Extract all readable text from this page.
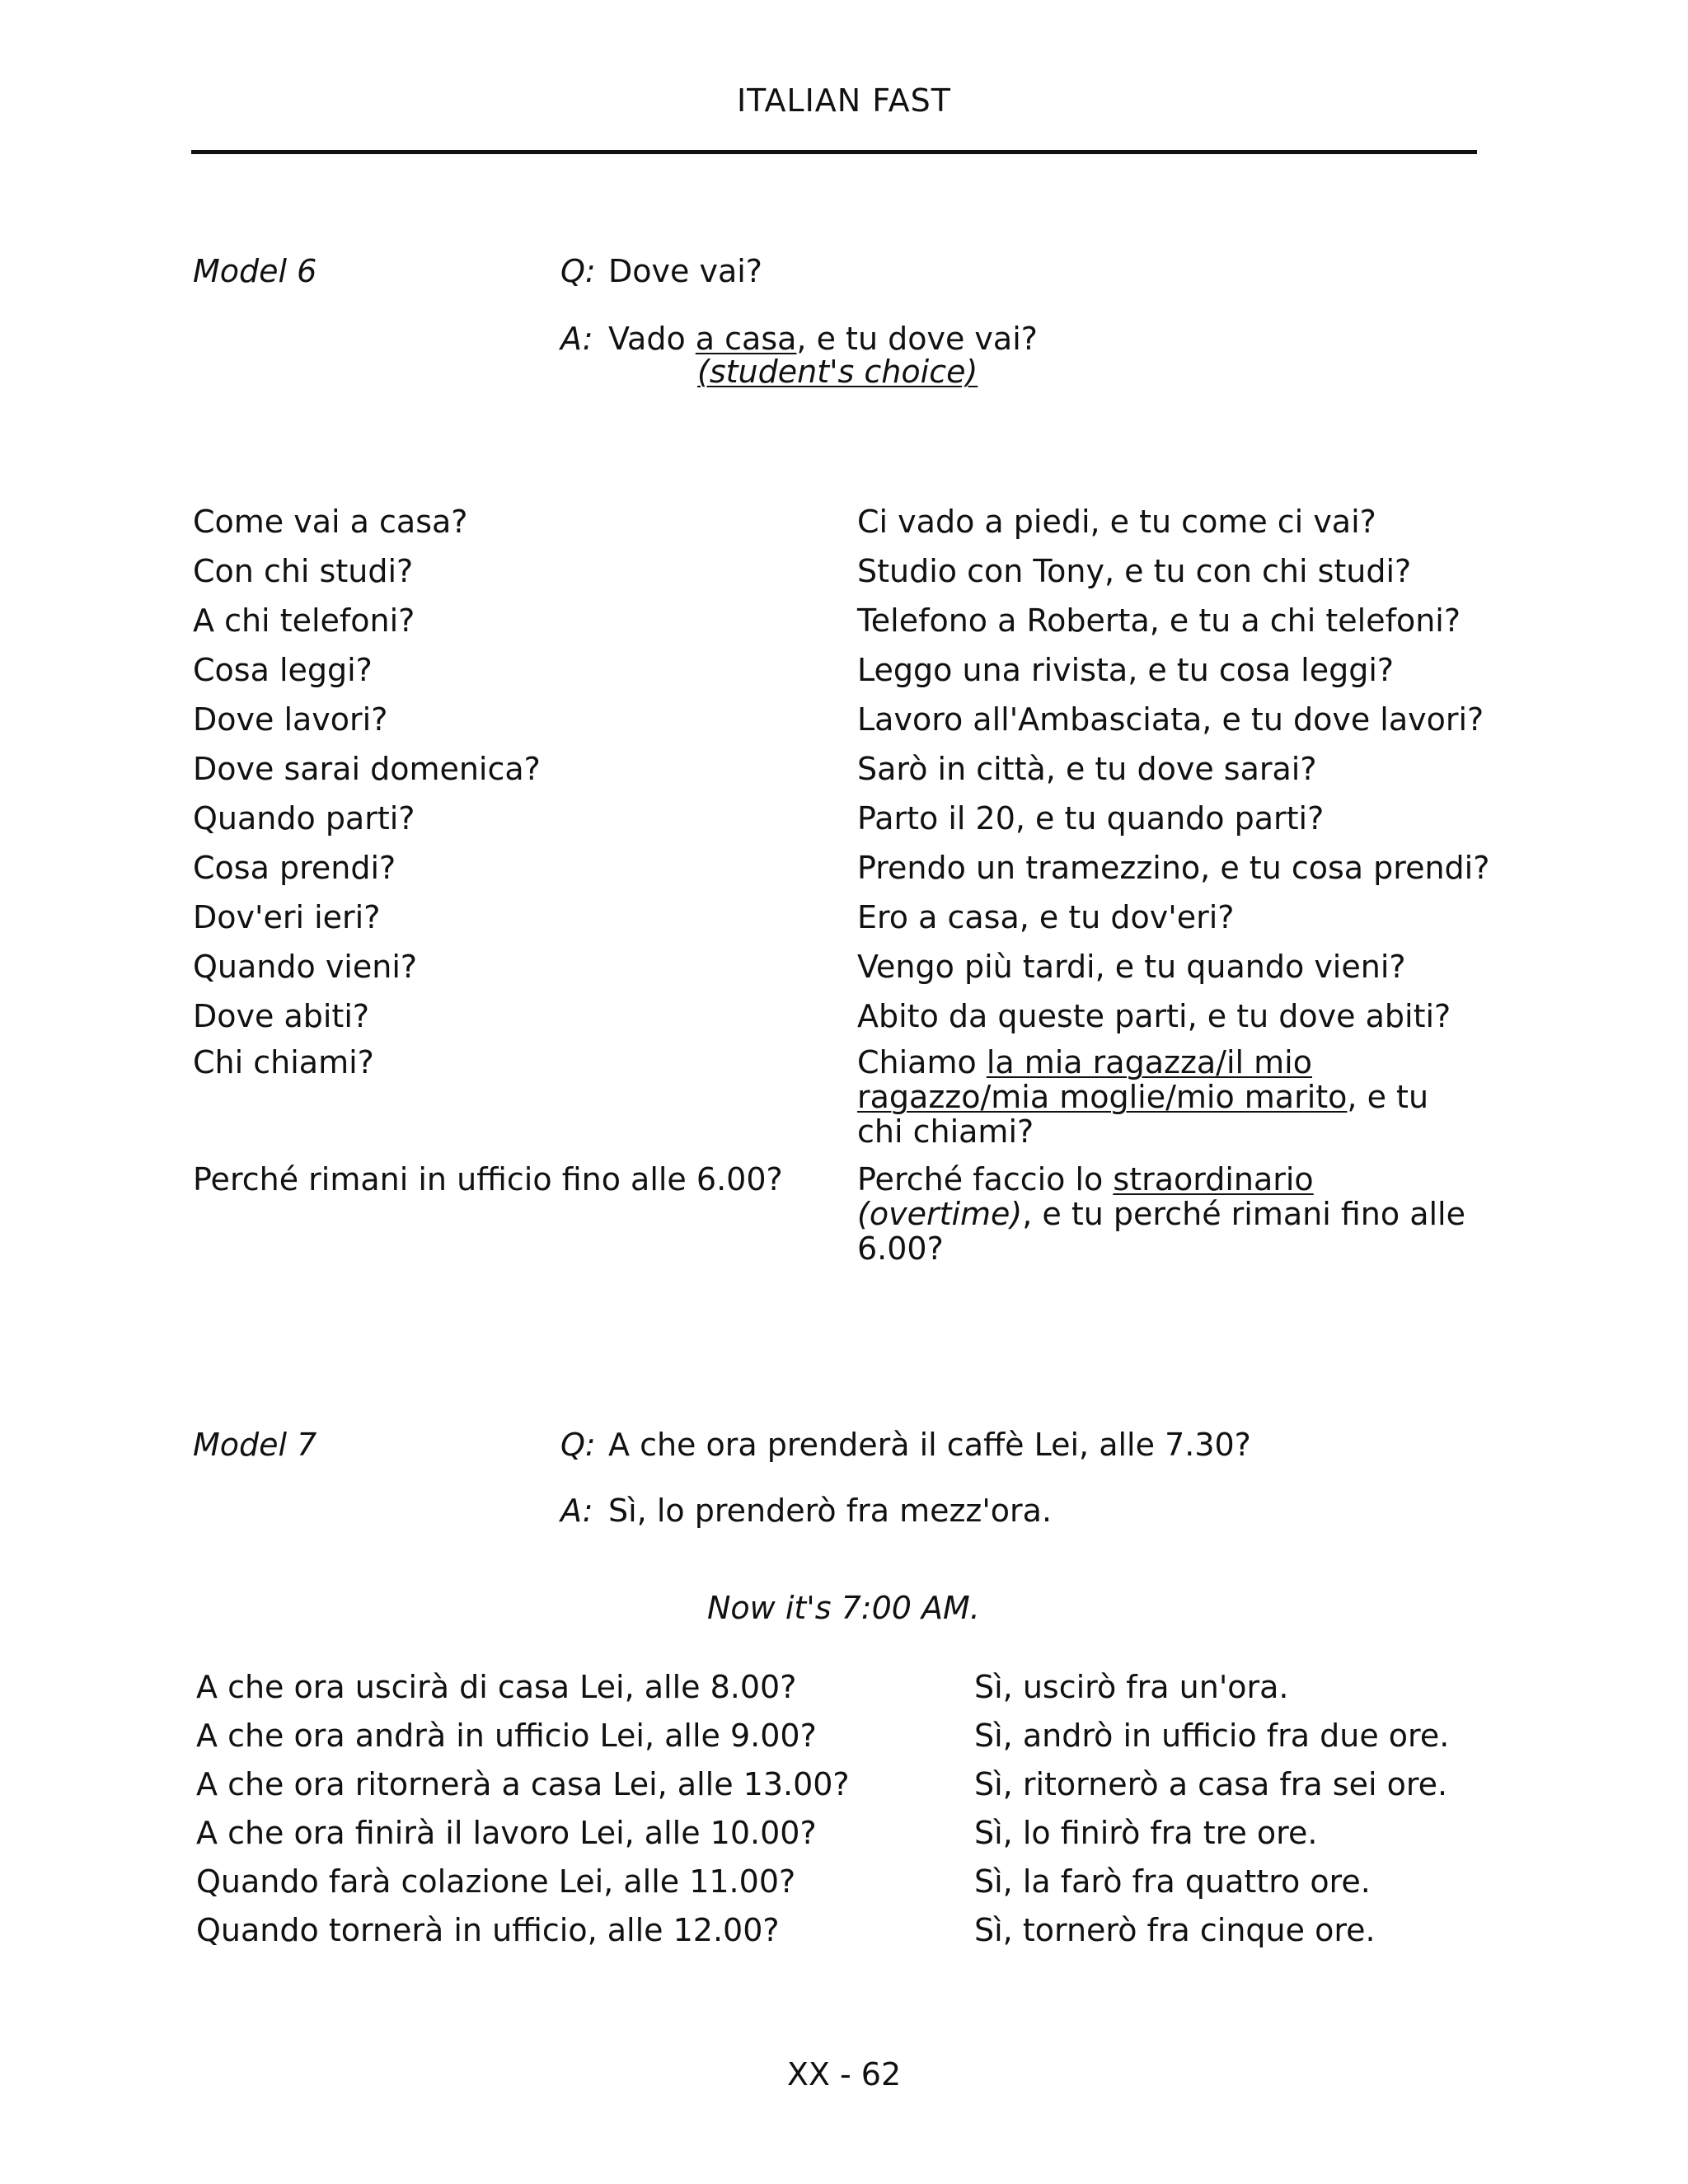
ITALIAN FAST
Model 6	Q: Dove vai?
A: Vado a casa, e tu dove vai?
(student's choice)
Come vai a casa?	Ci vado a piedi, e tu come ci vai?
Con chi studi?	Studio con Tony, e tu con chi studi?
A chi telefoni?	Telefono a Roberta, e tu a chi telefoni?
Cosa leggi?	Leggo una rivista, e tu cosa leggi?
Dove lavori?	Lavoro all'Ambasciata, e tu dove lavori?
Dove sarai domenica?	Sarò in città, e tu dove sarai?
Quando parti?	Parto il 20, e tu quando parti?
Cosa prendi?	Prendo un tramezzino, e tu cosa prendi?
Dov'eri ieri?	Ero a casa, e tu dov'eri?
Quando vieni?	Vengo più tardi, e tu quando vieni?
Dove abiti?	Abito da queste parti, e tu dove abiti?
Chi chiami?	Chiamo la mia ragazza/il mio ragazzo/mia moglie/mio marito, e tu chi chiami?
Perché rimani in ufficio fino alle 6.00? Perché faccio lo straordinario (overtime), e tu perché rimani fino alle 6.00?
Model 7	Q: A che ora prenderà il caffè Lei, alle 7.30?
A: Sì, lo prenderò fra mezz'ora.
Now it's 7:00 AM.
A che ora uscirà di casa Lei, alle 8.00?	Sì, uscirò fra un'ora.
A che ora andrà in ufficio Lei, alle 9.00?	Sì, andrò in ufficio fra due ore.
A che ora ritornerà a casa Lei, alle 13.00?	Sì, ritornerò a casa fra sei ore.
A che ora finirà il lavoro Lei, alle 10.00?	Sì, lo finirò fra tre ore.
Quando farà colazione Lei, alle 11.00?	Sì, la farò fra quattro ore.
Quando tornerà in ufficio, alle 12.00?	Sì, tornerò fra cinque ore.
XX - 62
